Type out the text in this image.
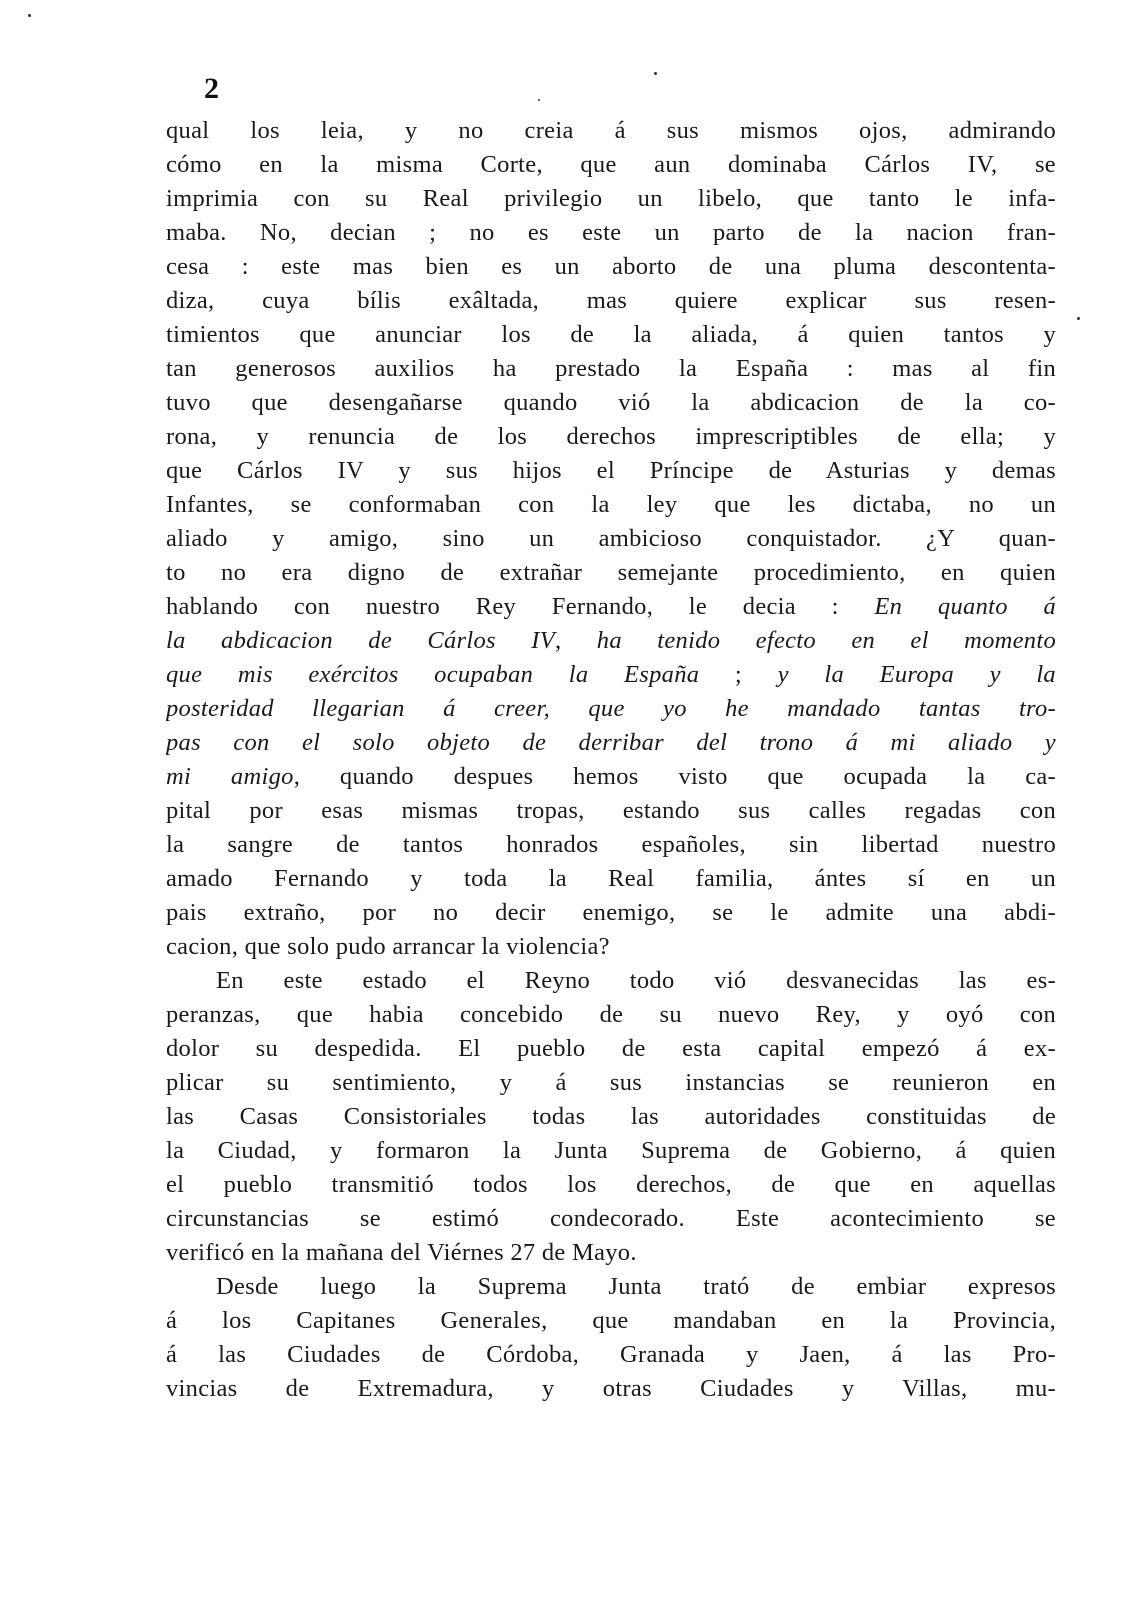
2
qual los leia, y no creia á sus mismos ojos, admirando
cómo en la misma Corte, que aun dominaba Cárlos IV, se
imprimia con su Real privilegio un libelo, que tanto le infa-
maba. No, decian ; no es este un parto de la nacion fran-
cesa : este mas bien es un aborto de una pluma descontenta-
diza, cuya bílis exâltada, mas quiere explicar sus resen-
timientos que anunciar los de la aliada, á quien tantos y
tan generosos auxilios ha prestado la España : mas al fin
tuvo que desengañarse quando vió la abdicacion de la co-
rona, y renuncia de los derechos imprescriptibles de ella; y
que Cárlos IV y sus hijos el Príncipe de Asturias y demas
Infantes, se conformaban con la ley que les dictaba, no un
aliado y amigo, sino un ambicioso conquistador. ¿Y quan-
to no era digno de extrañar semejante procedimiento, en quien
hablando con nuestro Rey Fernando, le decia : En quanto á
la abdicacion de Cárlos IV, ha tenido efecto en el momento
que mis exércitos ocupaban la España ; y la Europa y la
posteridad llegarian á creer, que yo he mandado tantas tro-
pas con el solo objeto de derribar del trono á mi aliado y
mi amigo, quando despues hemos visto que ocupada la ca-
pital por esas mismas tropas, estando sus calles regadas con
la sangre de tantos honrados españoles, sin libertad nuestro
amado Fernando y toda la Real familia, ántes sí en un
pais extraño, por no decir enemigo, se le admite una abdi-
cacion, que solo pudo arrancar la violencia?
En este estado el Reyno todo vió desvanecidas las es-
peranzas, que habia concebido de su nuevo Rey, y oyó con
dolor su despedida. El pueblo de esta capital empezó á ex-
plicar su sentimiento, y á sus instancias se reunieron en
las Casas Consistoriales todas las autoridades constituidas de
la Ciudad, y formaron la Junta Suprema de Gobierno, á quien
el pueblo transmitió todos los derechos, de que en aquellas
circunstancias se estimó condecorado. Este acontecimiento se
verificó en la mañana del Viérnes 27 de Mayo.
Desde luego la Suprema Junta trató de embiar expresos
á los Capitanes Generales, que mandaban en la Provincia,
á las Ciudades de Córdoba, Granada y Jaen, á las Pro-
vincias de Extremadura, y otras Ciudades y Villas, mu-
